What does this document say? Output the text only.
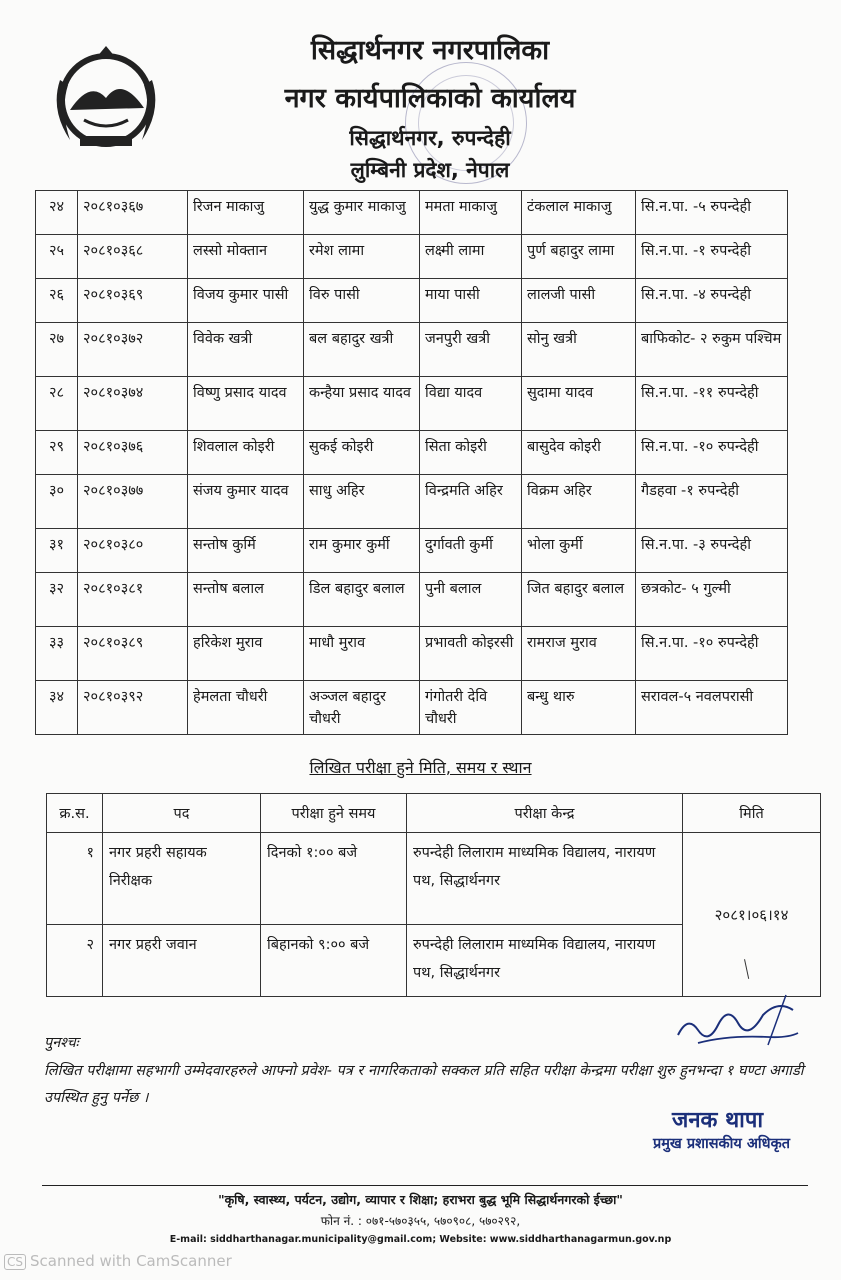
सिद्धार्थनगर नगरपालिका
नगर कार्यपालिकाको कार्यालय
सिद्धार्थनगर, रुपन्देही
लुम्बिनी प्रदेश, नेपाल
२४	२०८१०३६७	रिजन माकाजु	युद्ध कुमार माकाजु	ममता माकाजु	टंकलाल माकाजु	सि.न.पा. -५ रुपन्देही
२५	२०८१०३६८	लस्सो मोक्तान	रमेश लामा	लक्ष्मी लामा	पुर्ण बहादुर लामा	सि.न.पा. -१ रुपन्देही
२६	२०८१०३६९	विजय कुमार पासी	विरु पासी	माया पासी	लालजी पासी	सि.न.पा. -४ रुपन्देही
२७	२०८१०३७२	विवेक खत्री	बल बहादुर खत्री	जनपुरी खत्री	सोनु खत्री	बाफिकोट- २ रुकुम पश्चिम
२८	२०८१०३७४	विष्णु प्रसाद यादव	कन्हैया प्रसाद यादव	विद्या यादव	सुदामा यादव	सि.न.पा. -११ रुपन्देही
२९	२०८१०३७६	शिवलाल कोइरी	सुकई कोइरी	सिता कोइरी	बासुदेव कोइरी	सि.न.पा. -१० रुपन्देही
३०	२०८१०३७७	संजय कुमार यादव	साधु अहिर	विन्द्रमति अहिर	विक्रम अहिर	गैडहवा -१ रुपन्देही
३१	२०८१०३८०	सन्तोष कुर्मि	राम कुमार कुर्मी	दुर्गावती कुर्मी	भोला कुर्मी	सि.न.पा. -३ रुपन्देही
३२	२०८१०३८१	सन्तोष बलाल	डिल बहादुर बलाल	पुनी बलाल	जित बहादुर बलाल	छत्रकोट- ५ गुल्मी
३३	२०८१०३८९	हरिकेश मुराव	माधौ मुराव	प्रभावती कोइरसी	रामराज मुराव	सि.न.पा. -१० रुपन्देही
३४	२०८१०३९२	हेमलता चौधरी	अञ्जल बहादुर चौधरी	गंगोतरी देवि चौधरी	बन्धु थारु	सरावल-५ नवलपरासी
लिखित परीक्षा हुने मिति, समय र स्थान
क्र.स.	पद	परीक्षा हुने समय	परीक्षा केन्द्र	मिति
१	नगर प्रहरी सहायक निरीक्षक	दिनको १:०० बजे	रुपन्देही लिलाराम माध्यमिक विद्यालय, नारायण पथ, सिद्धार्थनगर	२०८१।०६।१४
२	नगर प्रहरी जवान	बिहानको ९:०० बजे	रुपन्देही लिलाराम माध्यमिक विद्यालय, नारायण पथ, सिद्धार्थनगर	
पुनश्चः
लिखित परीक्षामा सहभागी उम्मेदवारहरुले आफ्नो प्रवेश- पत्र र नागरिकताको सक्कल प्रति सहित परीक्षा केन्द्रमा परीक्षा शुरु हुनभन्दा १ घण्टा अगाडी उपस्थित हुनु पर्नेछ ।
जनक थापा
प्रमुख प्रशासकीय अधिकृत
"कृषि, स्वास्थ्य, पर्यटन, उद्योग, व्यापार र शिक्षा; हराभरा बुद्ध भूमि सिद्धार्थनगरको ईच्छा"
फोन नं. : ०७१-५७०३५५, ५७०९०८, ५७०२९२,
E-mail: siddharthanagar.municipality@gmail.com; Website: www.siddharthanagarmun.gov.np
CS Scanned with CamScanner
